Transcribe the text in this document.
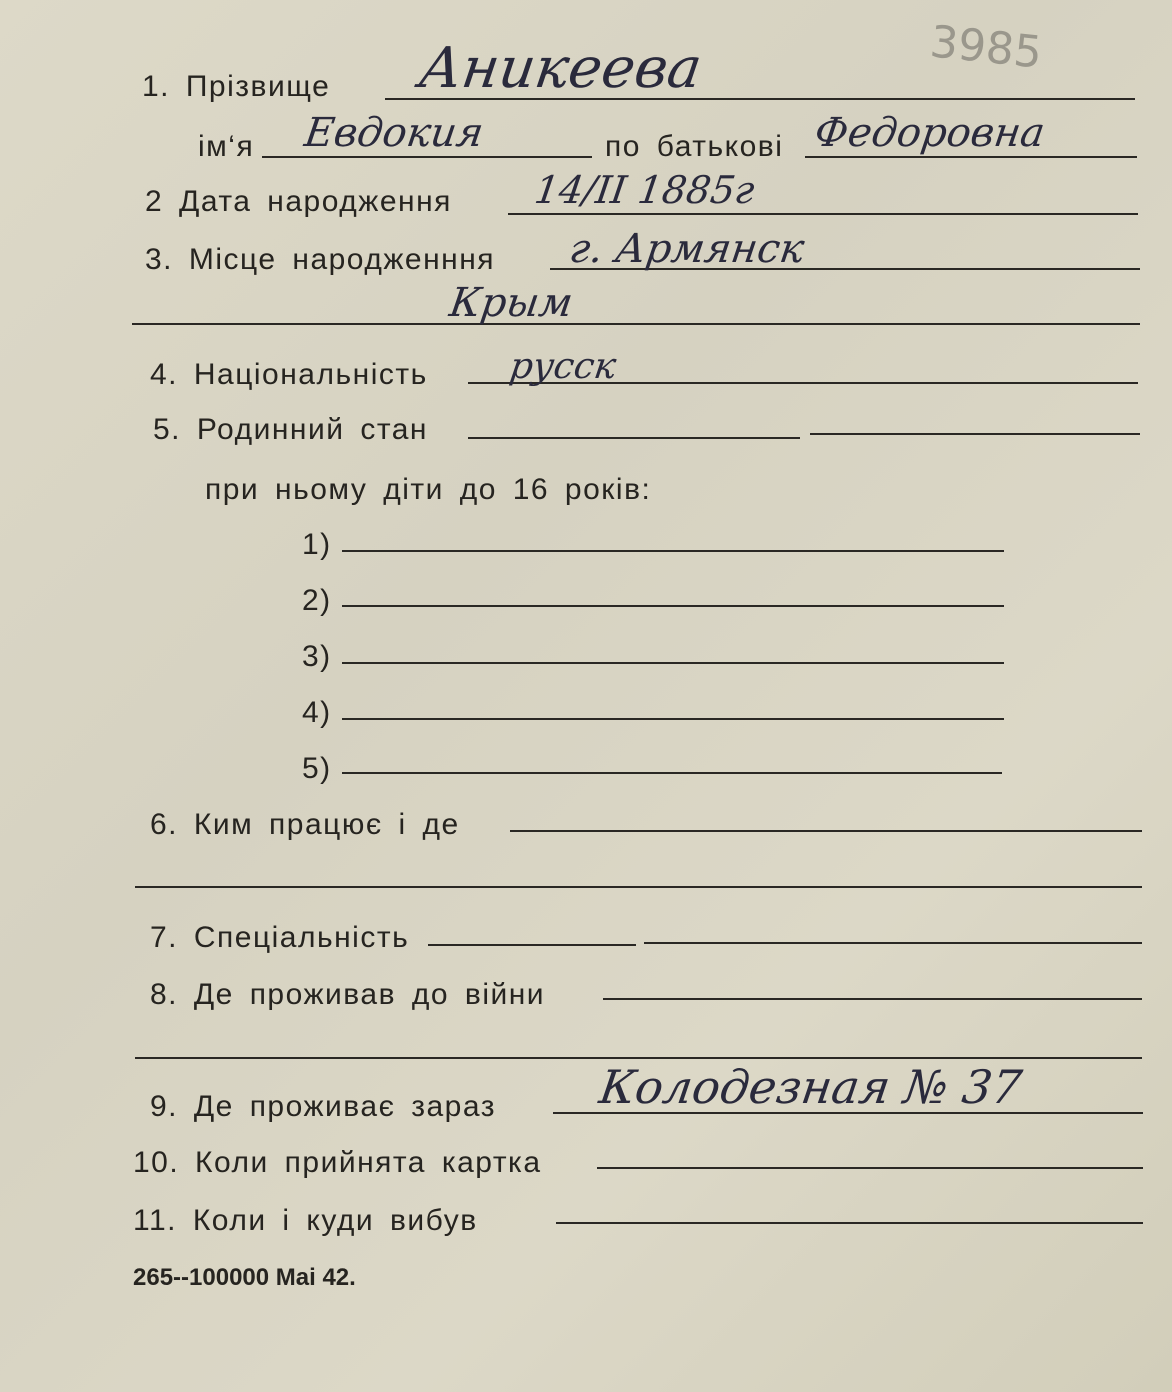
3985
1. Прізвище Аникеева
ім‘я Евдокия	по батькові Федоровна
2 Дата народження 14/II 1885г
3. Місце народженння г. Армянск
Крым
4. Національність русск
5. Родинний стан
при ньому діти до 16 років:
1)
2)
3)
4)
5)
6. Ким працює і де
7. Спеціальність
8. Де проживав до війни
9. Де проживає зараз Колодезная № 37
10. Коли прийнята картка
11. Коли і куди вибув
265--100000 Mai 42.
